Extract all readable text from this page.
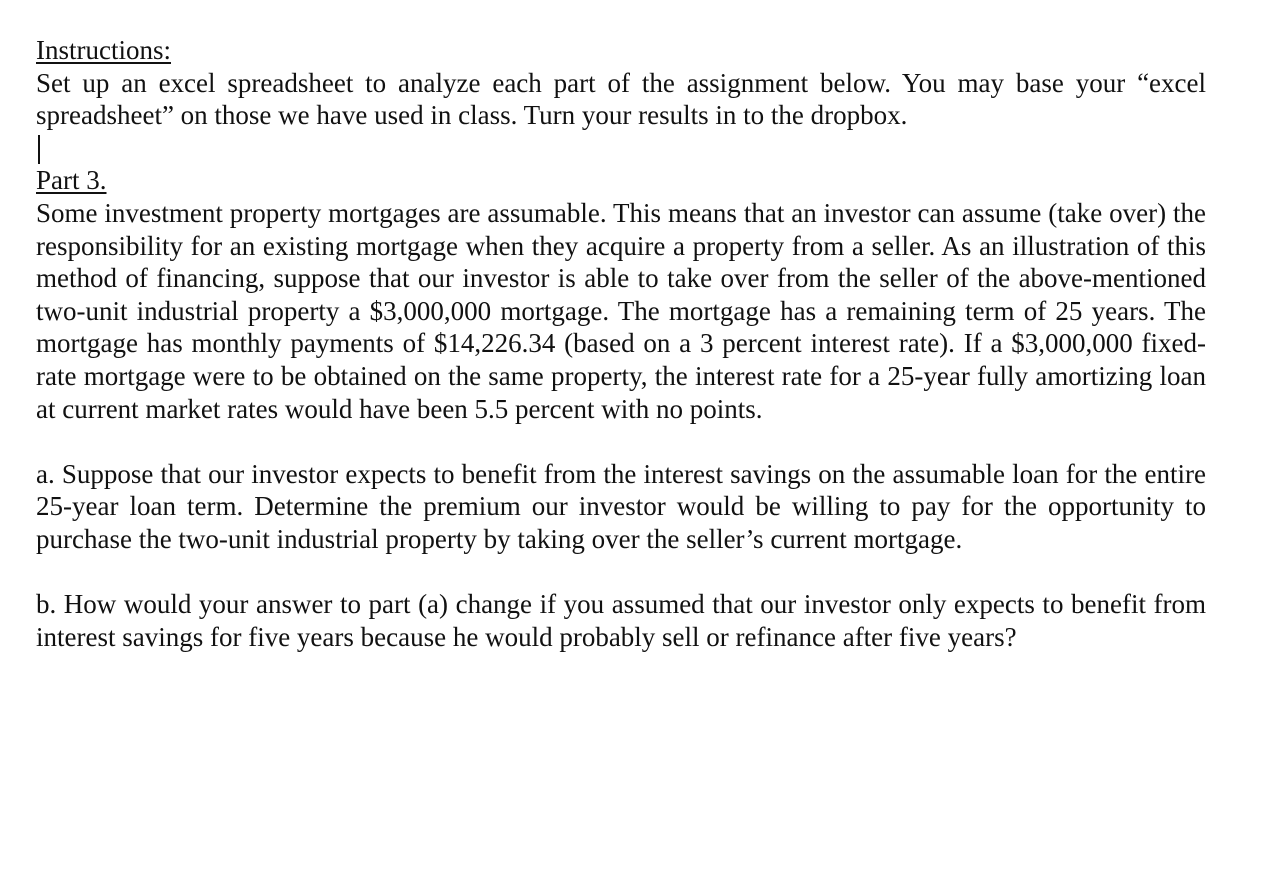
Instructions:

Set up an excel spreadsheet to analyze each part of the assignment below. You may base your “excel spreadsheet” on those we have used in class. Turn your results in to the dropbox.

Part 3.

Some investment property mortgages are assumable. This means that an investor can assume (take over) the responsibility for an existing mortgage when they acquire a property from a seller. As an illustration of this method of financing, suppose that our investor is able to take over from the seller of the above-mentioned two-unit industrial property a $3,000,000 mortgage. The mortgage has a remaining term of 25 years. The mortgage has monthly payments of $14,226.34 (based on a 3 percent interest rate). If a $3,000,000 fixed-rate mortgage were to be obtained on the same property, the interest rate for a 25-year fully amortizing loan at current market rates would have been 5.5 percent with no points.

a. Suppose that our investor expects to benefit from the interest savings on the assumable loan for the entire 25-year loan term. Determine the premium our investor would be willing to pay for the opportunity to purchase the two-unit industrial property by taking over the seller’s current mortgage.

b. How would your answer to part (a) change if you assumed that our investor only expects to benefit from interest savings for five years because he would probably sell or refinance after five years?
